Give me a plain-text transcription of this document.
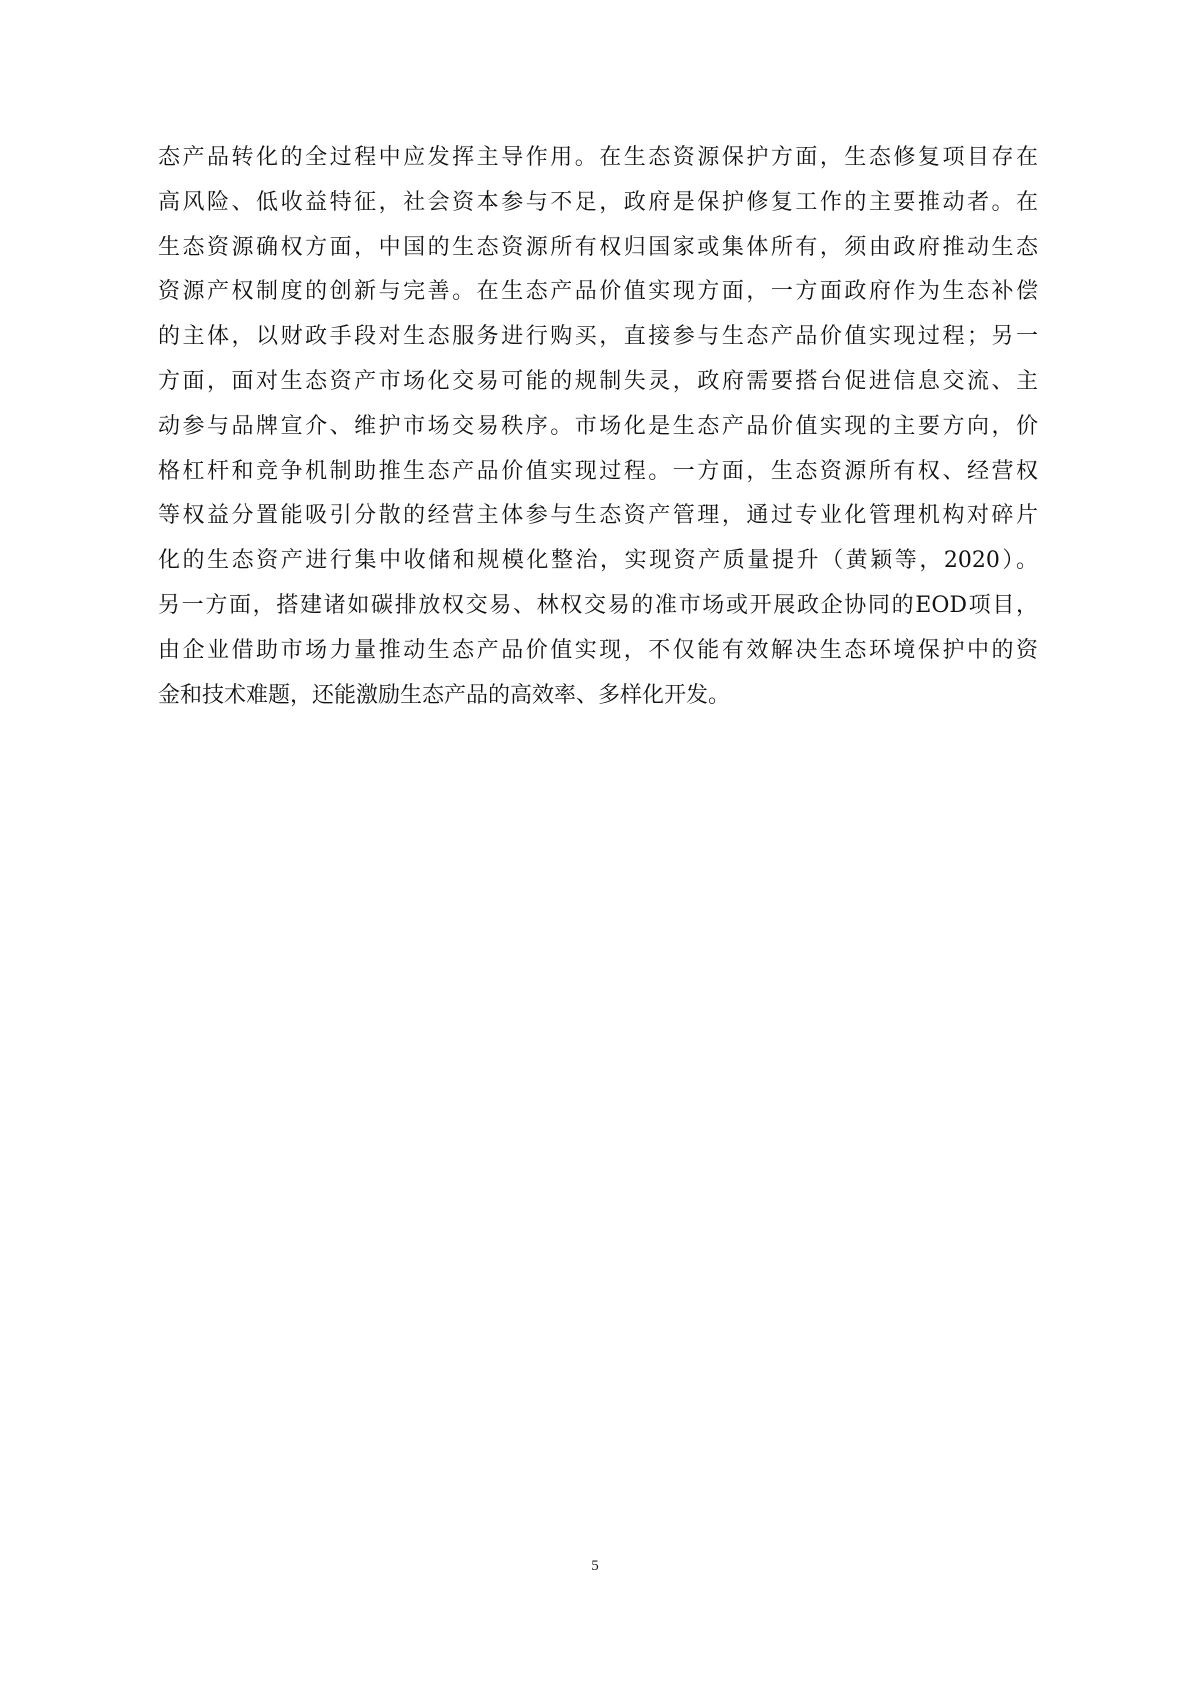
态产品转化的全过程中应发挥主导作用。在生态资源保护方面，生态修复项目存在
高风险、低收益特征，社会资本参与不足，政府是保护修复工作的主要推动者。在
生态资源确权方面，中国的生态资源所有权归国家或集体所有，须由政府推动生态
资源产权制度的创新与完善。在生态产品价值实现方面，一方面政府作为生态补偿
的主体，以财政手段对生态服务进行购买，直接参与生态产品价值实现过程；另一
方面，面对生态资产市场化交易可能的规制失灵，政府需要搭台促进信息交流、主
动参与品牌宣介、维护市场交易秩序。市场化是生态产品价值实现的主要方向，价
格杠杆和竞争机制助推生态产品价值实现过程。一方面，生态资源所有权、经营权
等权益分置能吸引分散的经营主体参与生态资产管理，通过专业化管理机构对碎片
化的生态资产进行集中收储和规模化整治，实现资产质量提升（黄颖等，2020）。
另一方面，搭建诸如碳排放权交易、林权交易的准市场或开展政企协同的EOD项目，
由企业借助市场力量推动生态产品价值实现，不仅能有效解决生态环境保护中的资
金和技术难题，还能激励生态产品的高效率、多样化开发。
5
